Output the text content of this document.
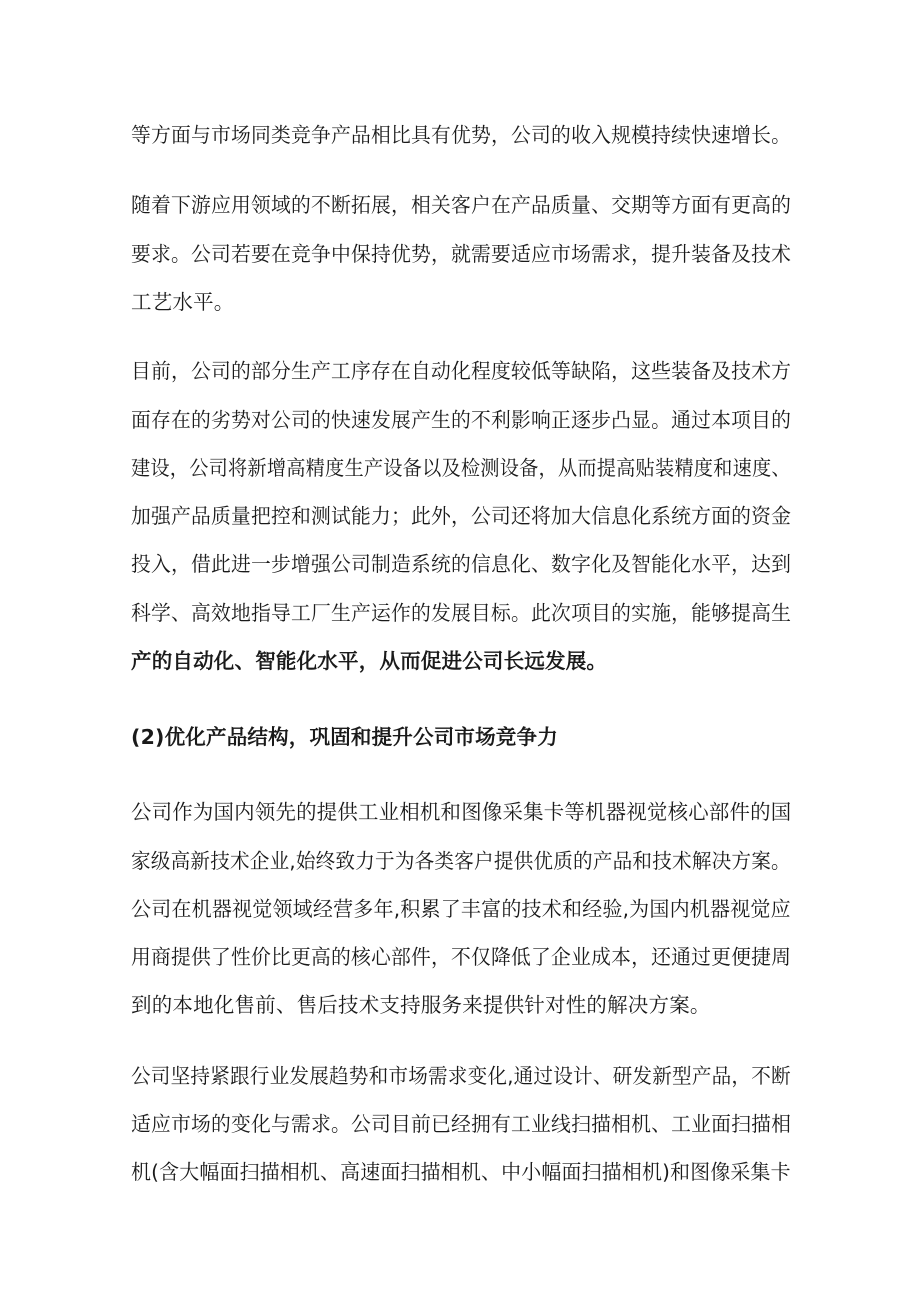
等方面与市场同类竞争产品相比具有优势，公司的收入规模持续快速增长。
随着下游应用领域的不断拓展，相关客户在产品质量、交期等方面有更高的
要求。公司若要在竞争中保持优势，就需要适应市场需求，提升装备及技术
工艺水平。
目前，公司的部分生产工序存在自动化程度较低等缺陷，这些装备及技术方
面存在的劣势对公司的快速发展产生的不利影响正逐步凸显。通过本项目的
建设，公司将新增高精度生产设备以及检测设备，从而提高贴装精度和速度、
加强产品质量把控和测试能力；此外，公司还将加大信息化系统方面的资金
投入，借此进一步增强公司制造系统的信息化、数字化及智能化水平，达到
科学、高效地指导工厂生产运作的发展目标。此次项目的实施，能够提高生
产的自动化、智能化水平，从而促进公司长远发展。
(2)优化产品结构，巩固和提升公司市场竞争力
公司作为国内领先的提供工业相机和图像采集卡等机器视觉核心部件的国
家级高新技术企业,始终致力于为各类客户提供优质的产品和技术解决方案。
公司在机器视觉领域经营多年,积累了丰富的技术和经验,为国内机器视觉应
用商提供了性价比更高的核心部件，不仅降低了企业成本，还通过更便捷周
到的本地化售前、售后技术支持服务来提供针对性的解决方案。
公司坚持紧跟行业发展趋势和市场需求变化,通过设计、研发新型产品，不断
适应市场的变化与需求。公司目前已经拥有工业线扫描相机、工业面扫描相
机(含大幅面扫描相机、高速面扫描相机、中小幅面扫描相机)和图像采集卡
